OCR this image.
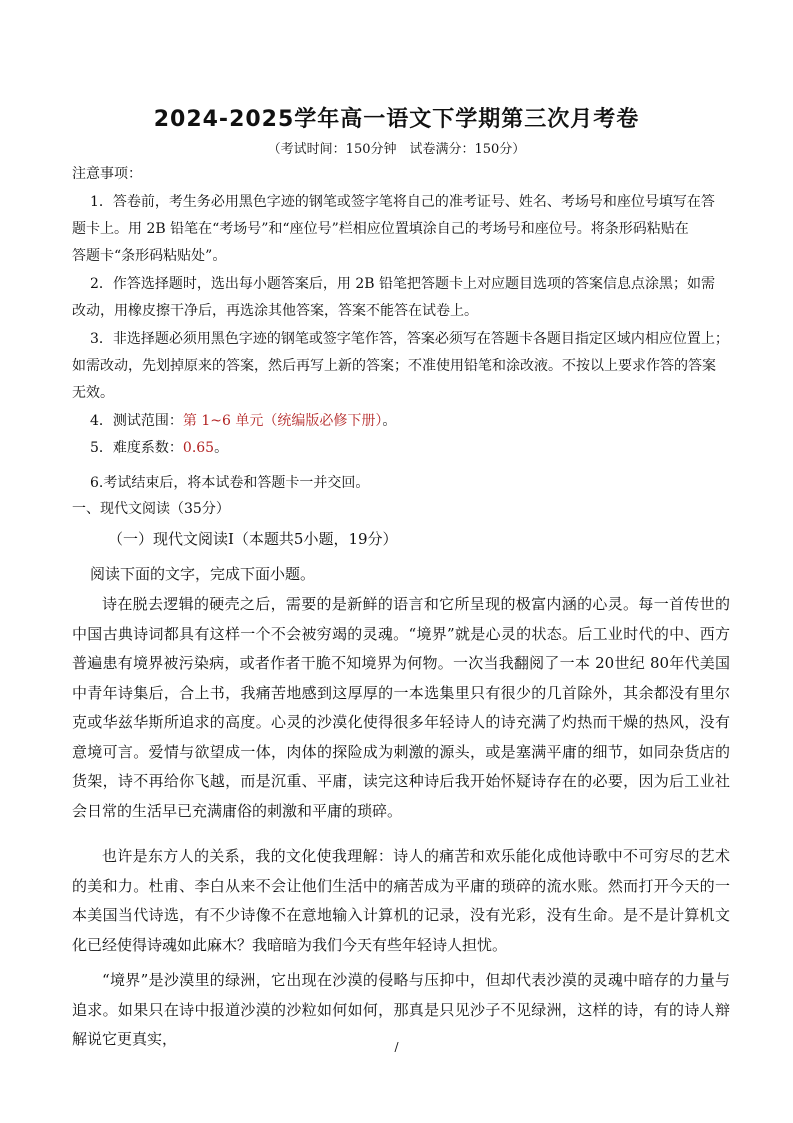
2024-2025学年高一语文下学期第三次月考卷
（考试时间：150分钟　试卷满分：150分）
注意事项：
1．答卷前，考生务必用黑色字迹的钢笔或签字笔将自己的准考证号、姓名、考场号和座位号填写在答
题卡上。用 2B 铅笔在“考场号”和“座位号”栏相应位置填涂自己的考场号和座位号。将条形码粘贴在
答题卡“条形码粘贴处”。
2．作答选择题时，选出每小题答案后，用 2B 铅笔把答题卡上对应题目选项的答案信息点涂黑；如需
改动，用橡皮擦干净后，再选涂其他答案，答案不能答在试卷上。
3．非选择题必须用黑色字迹的钢笔或签字笔作答，答案必须写在答题卡各题目指定区域内相应位置上；
如需改动，先划掉原来的答案，然后再写上新的答案；不准使用铅笔和涂改液。不按以上要求作答的答案
无效。
4．测试范围：第 1~6 单元（统编版必修下册）。
5．难度系数：0.65。
6.考试结束后，将本试卷和答题卡一并交回。
一、现代文阅读（35分）
（一）现代文阅读Ⅰ（本题共5小题，19分）
阅读下面的文字，完成下面小题。
诗在脱去逻辑的硬壳之后，需要的是新鲜的语言和它所呈现的极富内涵的心灵。每一首传世的中国古典诗词都具有这样一个不会被穷竭的灵魂。“境界”就是心灵的状态。后工业时代的中、西方普遍患有境界被污染病，或者作者干脆不知境界为何物。一次当我翻阅了一本 20世纪 80年代美国中青年诗集后，合上书，我痛苦地感到这厚厚的一本选集里只有很少的几首除外，其余都没有里尔克或华兹华斯所追求的高度。心灵的沙漠化使得很多年轻诗人的诗充满了灼热而干燥的热风，没有意境可言。爱情与欲望成一体，肉体的探险成为刺激的源头，或是塞满平庸的细节，如同杂货店的货架，诗不再给你飞越，而是沉重、平庸，读完这种诗后我开始怀疑诗存在的必要，因为后工业社会日常的生活早已充满庸俗的刺激和平庸的琐碎。
也许是东方人的关系，我的文化使我理解：诗人的痛苦和欢乐能化成他诗歌中不可穷尽的艺术的美和力。杜甫、李白从来不会让他们生活中的痛苦成为平庸的琐碎的流水账。然而打开今天的一本美国当代诗选，有不少诗像不在意地输入计算机的记录，没有光彩，没有生命。是不是计算机文化已经使得诗魂如此麻木？我暗暗为我们今天有些年轻诗人担忧。
“境界”是沙漠里的绿洲，它出现在沙漠的侵略与压抑中，但却代表沙漠的灵魂中暗存的力量与追求。如果只在诗中报道沙漠的沙粒如何如何，那真是只见沙子不见绿洲，这样的诗，有的诗人辩解说它更真实，	/
